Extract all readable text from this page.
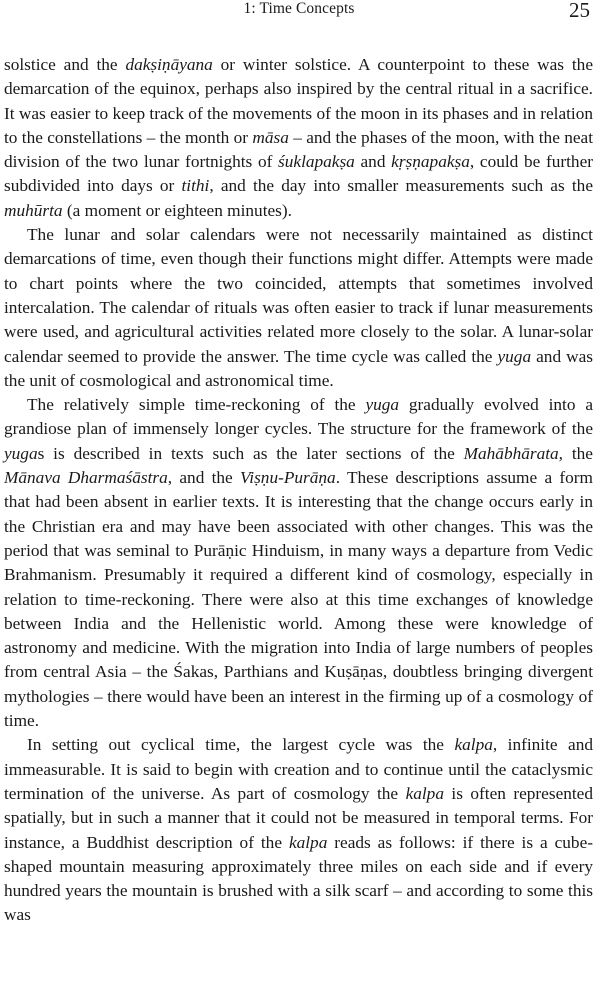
1: Time Concepts	25

solstice and the dakṣiṇāyana or winter solstice. A counterpoint to these was the demarcation of the equinox, perhaps also inspired by the central ritual in a sacrifice. It was easier to keep track of the movements of the moon in its phases and in relation to the constellations – the month or māsa – and the phases of the moon, with the neat division of the two lunar fortnights of śuklapakṣa and kṛṣṇapakṣa, could be further subdivided into days or tithi, and the day into smaller measurements such as the muhūrta (a moment or eighteen minutes).

The lunar and solar calendars were not necessarily maintained as distinct demarcations of time, even though their functions might differ. Attempts were made to chart points where the two coincided, attempts that sometimes involved intercalation. The calendar of rituals was often easier to track if lunar measurements were used, and agricultural activities related more closely to the solar. A lunar-solar calendar seemed to provide the answer. The time cycle was called the yuga and was the unit of cosmological and astronomical time.

The relatively simple time-reckoning of the yuga gradually evolved into a grandiose plan of immensely longer cycles. The structure for the framework of the yugas is described in texts such as the later sections of the Mahābhārata, the Mānava Dharmaśāstra, and the Viṣṇu-Purāṇa. These descriptions assume a form that had been absent in earlier texts. It is interesting that the change occurs early in the Christian era and may have been associated with other changes. This was the period that was seminal to Purāṇic Hinduism, in many ways a departure from Vedic Brahmanism. Presumably it required a different kind of cosmology, especially in relation to time-reckoning. There were also at this time exchanges of knowledge between India and the Hellenistic world. Among these were knowledge of astronomy and medicine. With the migration into India of large numbers of peoples from central Asia – the Śakas, Parthians and Kuṣāṇas, doubtless bringing divergent mythologies – there would have been an interest in the firming up of a cosmology of time.

In setting out cyclical time, the largest cycle was the kalpa, infinite and immeasurable. It is said to begin with creation and to continue until the cataclysmic termination of the universe. As part of cosmology the kalpa is often represented spatially, but in such a manner that it could not be measured in temporal terms. For instance, a Buddhist description of the kalpa reads as follows: if there is a cube-shaped mountain measuring approximately three miles on each side and if every hundred years the mountain is brushed with a silk scarf – and according to some this was
